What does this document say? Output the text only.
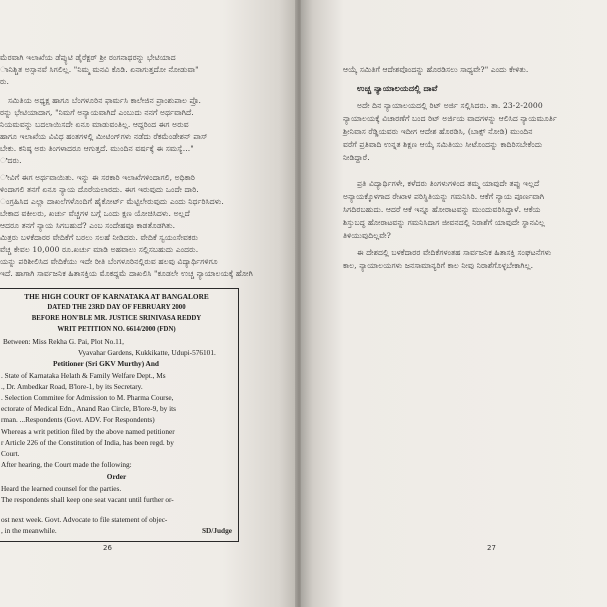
ಮೆರವಾಗಿ ಇಲಾಖೆಯ ಡೆಪ್ಯುಟಿ ಡೈರೆಕ್ಟರ್ ಶ್ರೀ ರಂಗನಾಥರನ್ನು ಭೇಟಿಯಾದ
ಾನಿಶ್ಚಿತ ಅಸ್ಸಾನವೆ ಸಿಗಲಿಲ್ಲ. "ನಿಮ್ಮ ಮನವಿ ಕೊಡಿ. ಏನಾಗುತ್ತದೋ ನೋಡುವಾ"
ರು.
ಸಮಿತಿಯ ಅಧ್ಯಕ್ಷ ಹಾಗೂ ಬೆಂಗಳೂರಿನ ಫಾರ್ಮಸಿ ಕಾಲೇಜಿನ ಪ್ರಾಂಶುಪಾಲ ಪ್ರೊ.
ರನ್ನು ಭೇಟಿಯಾದಾಗ, "ನಿಮಗೆ ಅನ್ಯಾಯವಾಗಿದೆ ಎಂಬುದು ನನಗೆ ಅರ್ಥವಾಗಿದೆ.
ನಿಯಮವನ್ನು ಬದಲಾಯಿಸದೇ ಏನೂ ಮಾಡುವಂತಿಲ್ಲ. ಆದ್ದರಿಂದ ಈಗ ಅರುವ
ಹಾಗೂ ಇಲಾಖೆಯ ವಿವಿಧ ಹಂತಗಳಲ್ಲಿ ಮೀಟಿಂಗ್‌ಗಳು ನಡೆದು ರೆಕಮೆಂಡೇಶನ್ ಪಾಸ್
ಬೇಕು. ಕನಿಷ್ಠ ಅರು ತಿಂಗಳಾದರೂ ಆಗುತ್ತದೆ. ಮುಂದಿನ ವರ್ಷಕ್ಕೆ ಈ ಸಮಸ್ಯೆ..."
ಿದರು.
ೀವಿಗೆ ಈಗ ಅರ್ಥವಾಯಿತು. ಇನ್ನು ಈ ಸರಕಾರಿ ಇಲಾಖೆಗಳಿಂದಾಗಲಿ, ಅಧಿಕಾರಿ
ಳಿಂದಾಗಲಿ ತನಗೆ ಏನೂ ನ್ಯಾಯ ದೊರೆಯಲಾರದು. ಈಗ ಇರುವುದು ಒಂದೇ ದಾರಿ.
ಂಗ್ರಹಿಸಿದ ಎಲ್ಲಾ ದಾಖಲೆಗಳೊಂದಿಗೆ ಹೈಕೋರ್ಟ್ ಮೆಟ್ಟಿಲೇರುವುದು ಎಂದು ನಿರ್ಧರಿಸಿದಳು.
ಬೇಕಾದ ವಕೀಲರು, ಖರ್ಚು ವೆಚ್ಚಗಳ ಬಗ್ಗೆ ಒಂದು ಕ್ಷಣ ಯೋಚಿಸಿದಳು. ಅಲ್ಲದೆ
ಆದರೂ ತನಗೆ ನ್ಯಾಯ ಸಿಗಬಹುದೆ? ಎಂಬ ಸಂದೇಹವೂ ಕಾಡತೊಡಗಿತು.
ಮಿತ್ರರು ಬಳಕೆದಾರರ ವೇದಿಕೆಗೆ ಬರಲು ಸಲಹೆ ನೀಡಿದರು. ವೇದಿಕೆ ಸ್ವಯಂಸೇವಕರು
ವೆಚ್ಚ ಕೇವಲ 10,000 ರೂ.ಖರ್ಚು ಮಾಡಿ ಅಹವಾಲು ಸಲ್ಲಿಸಬಹುದು ಎಂದರು.
ಯನ್ನು ಪರಿಶೀಲಿಸಿದ ವೇದಿಕೆಯು ಇದೇ ರೀತಿ ಬೆಂಗಳೂರಿನಲ್ಲಿರುವ ಹಲವು ವಿದ್ಯಾರ್ಥಿಗಳಿಗೂ
ಇದೆ. ಹಾಗಾಗಿ ಸಾರ್ವಜನಿಕ ಹಿತಾಸಕ್ತಿಯ ಮೊಕದ್ದಮೆ ದಾಖಲಿಸಿ "ಕೂಡಲೇ ಉಚ್ಚ ನ್ಯಾಯಾಲಯಕ್ಕೆ ಹೋಗಿ
THE HIGH COURT OF KARNATAKA AT BANGALORE
DATED THE 23RD DAY OF FEBRUARY 2000
BEFORE HON'BLE MR. JUSTICE SRINIVASA REDDY
WRIT PETITION NO. 6614/2000 (FDN)
Between: Miss Rekha G. Pai, Plot No.11,
Vyavahar Gardens, Kukkikatte, Udupi-576101.
Petitioner (Sri GKV Murthy) And
. State of Karnataka Helath & Family Welfare Dept., Ms
., Dr. Ambedkar Road, B'lore-1, by its Secretary.
. Selection Commitee for Admission to M. Pharma Course,
ectorate of Medical Edn., Anand Rao Circle, B'lore-9, by its
rman. ...Respondents (Govt. ADV. For Respondents)
Whereas a writ petition filed by the above named petitioner
r Article 226 of the Constitution of India, has been regd. by
Court.
After hearing, the Court made the following:
Order
Heard the learned counsel for the parties.
The respondents shall keep one seat vacant until further or-
ost next week. Govt. Advocate to file statement of objec-
, in the meanwhile.	SD/Judge
26
ಆಯ್ಕೆ ಸಮಿತಿಗೆ ಆದೇಶವೊಂದನ್ನು ಹೊರಡಿಸಲು ಸಾಧ್ಯವೇ?" ಎಂದು ಕೇಳಿತು.
ಉಚ್ಚ ನ್ಯಾಯಾಲಯದಲ್ಲಿ ದಾವೆ
ಅದೇ ದಿನ ನ್ಯಾಯಾಲಯದಲ್ಲಿ ರಿಟ್ ಅರ್ಜಿ ಸಲ್ಲಿಸಿದರು. ತಾ. 23-2-2000
ನ್ಯಾಯಾಲಯಕ್ಕೆ ವಿಚಾರಣೆಗೆ ಬಂದ ರಿಟ್ ಅರ್ಜಿಯ ವಾದಗಳನ್ನು ಆಲಿಸಿದ ನ್ಯಾಯಮೂರ್ತಿ
ಶ್ರೀನಿವಾಸ ರೆಡ್ಡಿಯವರು ಇದೀಗ ಆದೇಶ ಹೊರಡಿಸಿ, (ಬಾಕ್ಸ್ ನೋಡಿ) ಮುಂದಿನ
ವರೆಗೆ ಪ್ರತಿವಾದಿ ಉನ್ನತ ಶಿಕ್ಷಣ ಆಯ್ಕೆ ಸಮಿತಿಯು ಸೀಟೊಂದನ್ನು ಕಾದಿರಿಸಬೇಕೆಂದು
ನೀಡಿದ್ದಾರೆ.
ಪ್ರತಿ ವಿದ್ಯಾರ್ಥಿಗಳೇ, ಕಳೆದರು ತಿಂಗಳುಗಳಿಂದ ತಮ್ಮ ಯಾವುದೇ ತಪ್ಪು ಇಲ್ಲದೆ
ಅನ್ಯಾಯಕ್ಕೊಳಗಾದ ರೇಖಾಳ ಪರಿಸ್ಥಿತಿಯನ್ನು ಗಮನಿಸಿರಿ. ಆಕೆಗೆ ನ್ಯಾಯ ಪೂರ್ಣವಾಗಿ
ಸಿಗದಿರಬಹುದು. ಆದರೆ ಆಕೆ ಇನ್ನೂ ಹೋರಾಟವನ್ನು ಮುಂದುವರಿಸಿದ್ದಾಳೆ. ಆಕೆಯ
ಶಿಸ್ತುಬದ್ಧ ಹೋರಾಟವನ್ನು ಗಮನಿಸಿದಾಗ ಜೀವನದಲ್ಲಿ ನಿರಾಶೆಗೆ ಯಾವುದೇ ಸ್ಥಾನವಿಲ್ಲ
ತಿಳಿಯುವುದಿಲ್ಲವೇ?
ಈ ದೇಶದಲ್ಲಿ ಬಳಕೆದಾರರ ವೇದಿಕೆಗಳಂತಹ ಸಾರ್ವಜನಿಕ ಹಿತಾಸಕ್ತಿ ಸಂಘಟನೆಗಳು
ಕಾಲ, ನ್ಯಾಯಾಲಯಗಳು ಜನಸಾಮಾನ್ಯರಿಗೆ ಕಾಲ ನೀವು ನಿರಾಶೆಗೊಳ್ಳಬೇಕಾಗಿಲ್ಲ.
27
